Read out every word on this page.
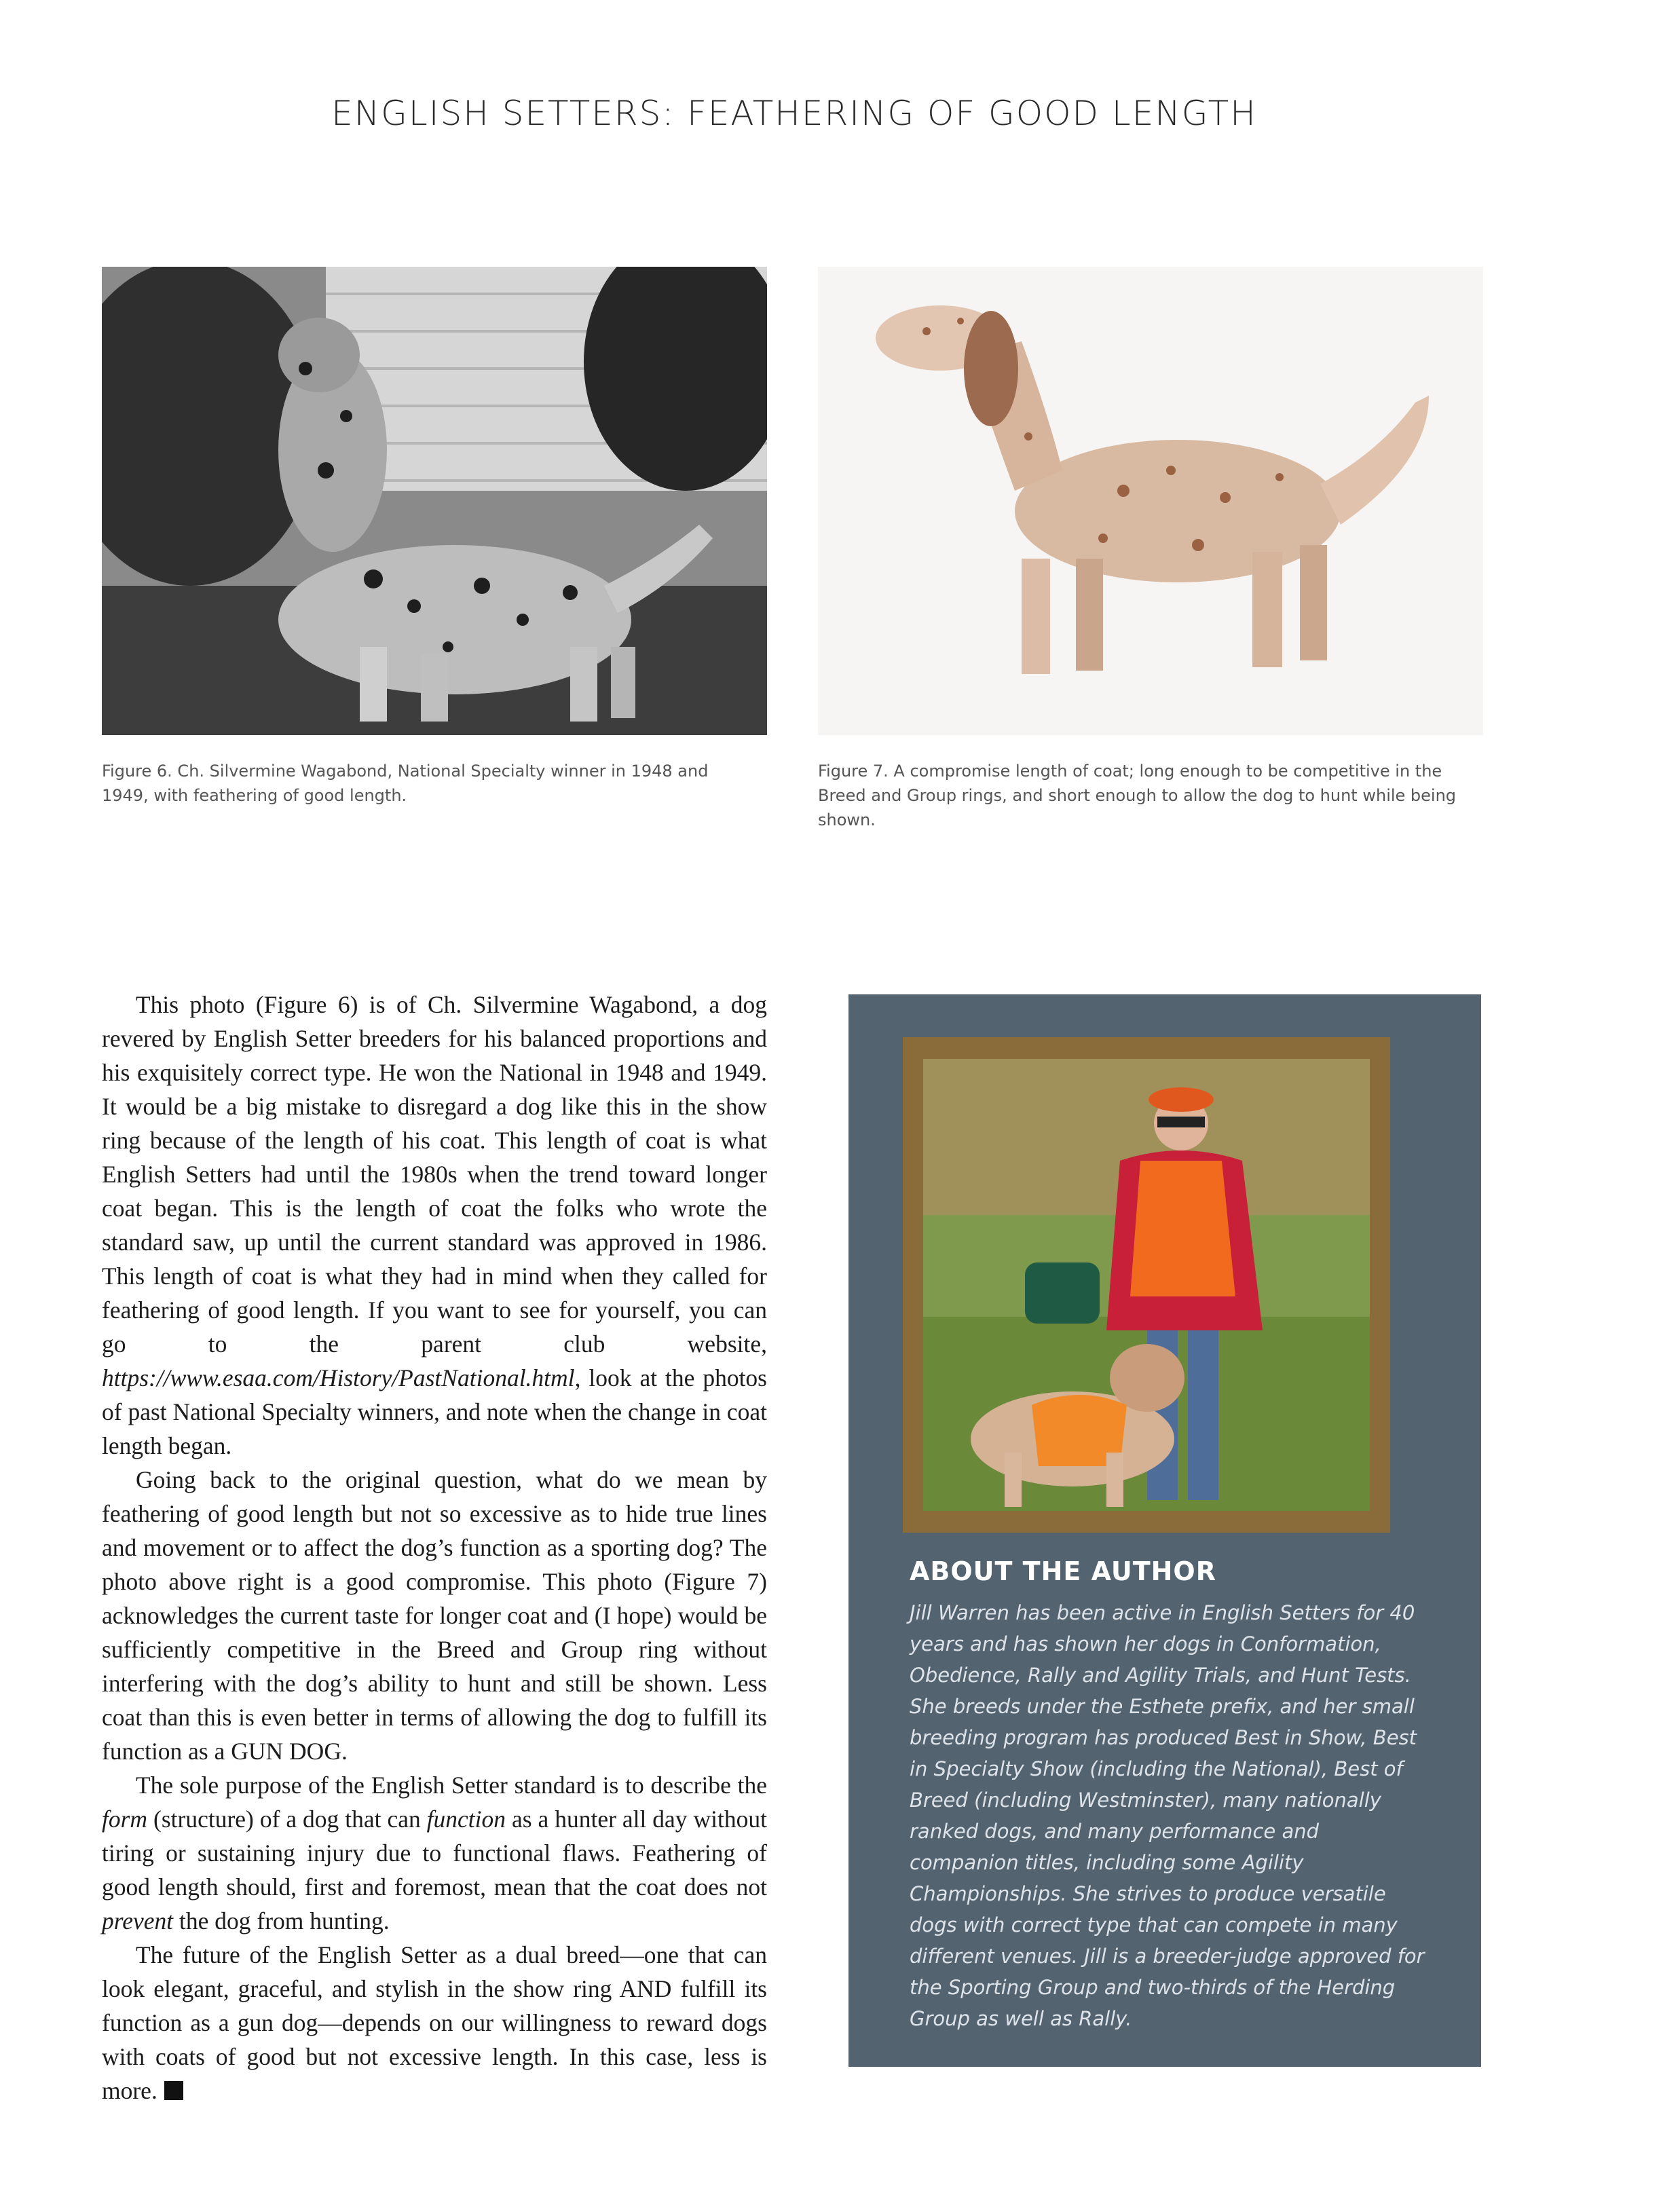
ENGLISH SETTERS: FEATHERING OF GOOD LENGTH
Figure 6. Ch. Silvermine Wagabond, National Specialty winner in 1948 and 1949, with feathering of good length.
Figure 7. A compromise length of coat; long enough to be competitive in the Breed and Group rings, and short enough to allow the dog to hunt while being shown.

This photo (Figure 6) is of Ch. Silvermine Wagabond, a dog revered by English Setter breeders for his balanced proportions and his exquisitely correct type. He won the National in 1948 and 1949. It would be a big mistake to disregard a dog like this in the show ring because of the length of his coat. This length of coat is what English Setters had until the 1980s when the trend toward longer coat began. This is the length of coat the folks who wrote the standard saw, up until the current standard was approved in 1986. This length of coat is what they had in mind when they called for feathering of good length. If you want to see for yourself, you can go to the parent club website, https://www.esaa.com/History/PastNational.html, look at the photos of past National Specialty winners, and note when the change in coat length began.

Going back to the original question, what do we mean by feathering of good length but not so excessive as to hide true lines and movement or to affect the dog’s function as a sporting dog? The photo above right is a good compromise. This photo (Figure 7) acknowledges the current taste for longer coat and (I hope) would be sufficiently competitive in the Breed and Group ring without interfering with the dog’s ability to hunt and still be shown. Less coat than this is even better in terms of allowing the dog to fulfill its function as a GUN DOG.

The sole purpose of the English Setter standard is to describe the form (structure) of a dog that can function as a hunter all day without tiring or sustaining injury due to functional flaws. Feathering of good length should, first and foremost, mean that the coat does not prevent the dog from hunting.

The future of the English Setter as a dual breed—one that can look elegant, graceful, and stylish in the show ring AND fulfill its function as a gun dog—depends on our willingness to reward dogs with coats of good but not excessive length. In this case, less is more.

ABOUT THE AUTHOR
Jill Warren has been active in English Setters for 40 years and has shown her dogs in Conformation, Obedience, Rally and Agility Trials, and Hunt Tests. She breeds under the Esthete prefix, and her small breeding program has produced Best in Show, Best in Specialty Show (including the National), Best of Breed (including Westminster), many nationally ranked dogs, and many performance and companion titles, including some Agility Championships. She strives to produce versatile dogs with correct type that can compete in many different venues. Jill is a breeder-judge approved for the Sporting Group and two-thirds of the Herding Group as well as Rally.
